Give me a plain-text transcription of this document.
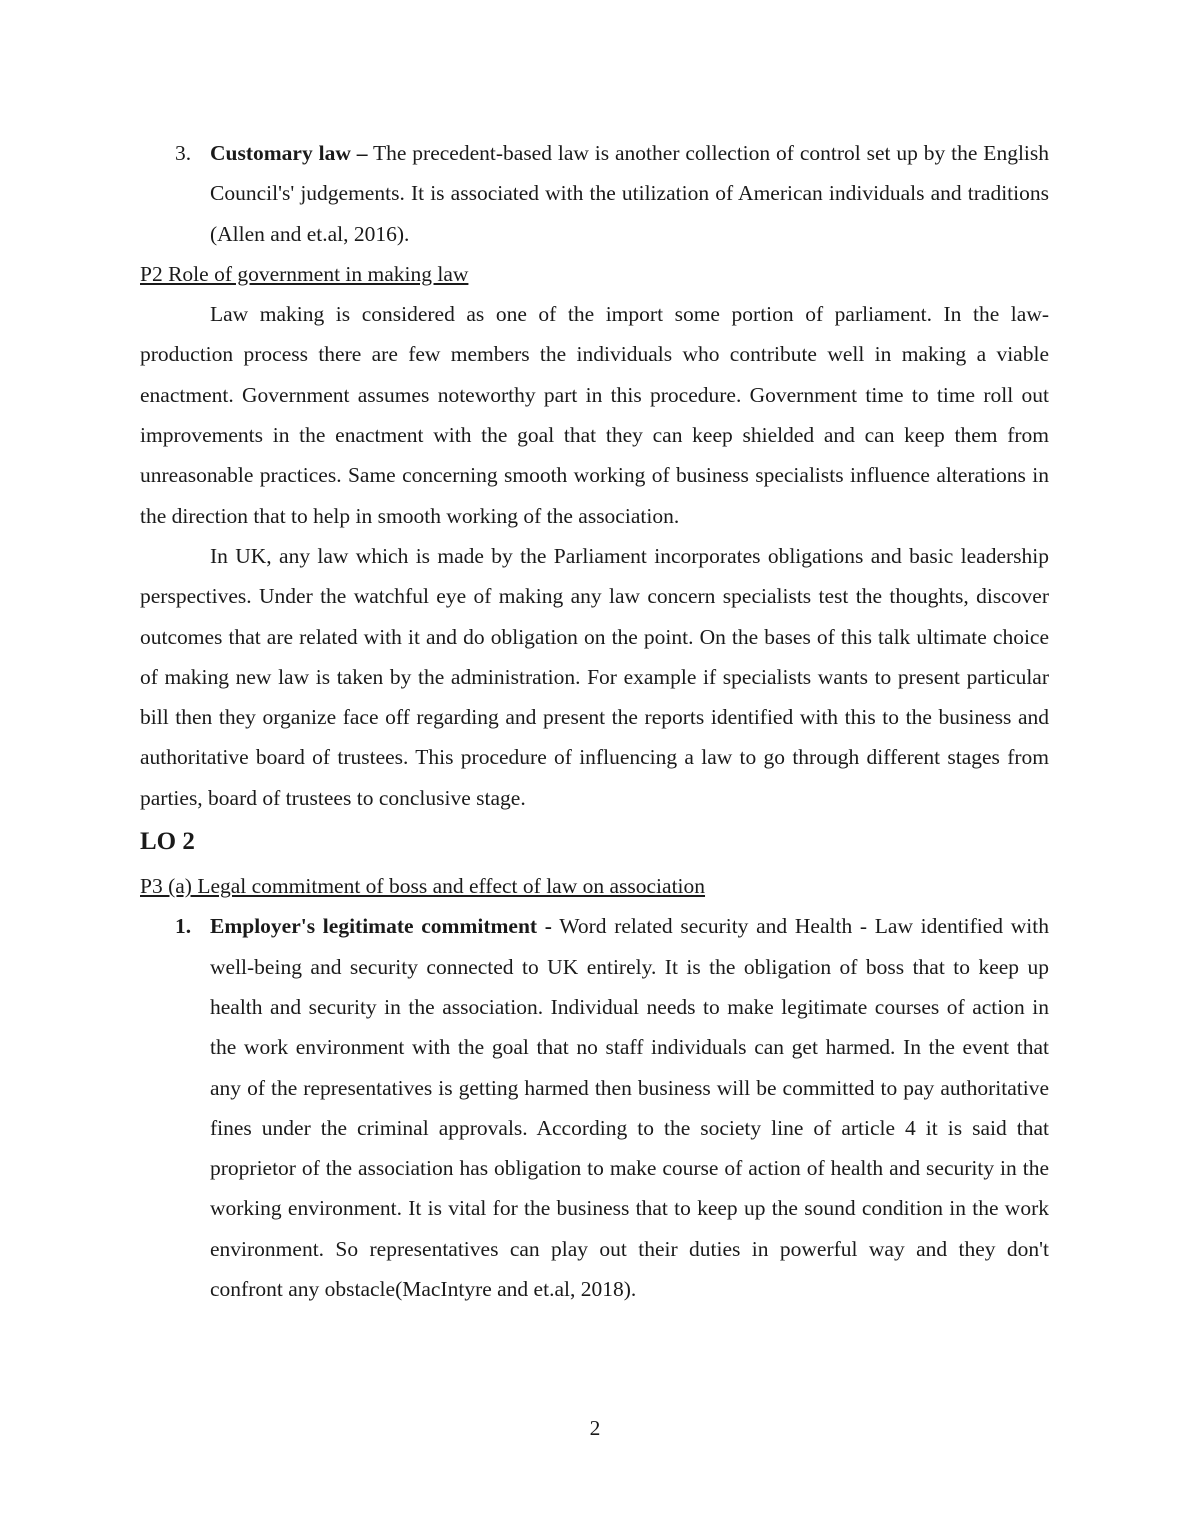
3. Customary law – The precedent-based law is another collection of control set up by the English Council's' judgements. It is associated with the utilization of American individuals and traditions (Allen and et.al, 2016).

P2 Role of government in making law

Law making is considered as one of the import some portion of parliament. In the law-production process there are few members the individuals who contribute well in making a viable enactment. Government assumes noteworthy part in this procedure. Government time to time roll out improvements in the enactment with the goal that they can keep shielded and can keep them from unreasonable practices. Same concerning smooth working of business specialists influence alterations in the direction that to help in smooth working of the association.

In UK, any law which is made by the Parliament incorporates obligations and basic leadership perspectives. Under the watchful eye of making any law concern specialists test the thoughts, discover outcomes that are related with it and do obligation on the point. On the bases of this talk ultimate choice of making new law is taken by the administration. For example if specialists wants to present particular bill then they organize face off regarding and present the reports identified with this to the business and authoritative board of trustees. This procedure of influencing a law to go through different stages from parties, board of trustees to conclusive stage.

LO 2

P3 (a) Legal commitment of boss and effect of law on association

1. Employer's legitimate commitment - Word related security and Health - Law identified with well-being and security connected to UK entirely. It is the obligation of boss that to keep up health and security in the association. Individual needs to make legitimate courses of action in the work environment with the goal that no staff individuals can get harmed. In the event that any of the representatives is getting harmed then business will be committed to pay authoritative fines under the criminal approvals. According to the society line of article 4 it is said that proprietor of the association has obligation to make course of action of health and security in the working environment. It is vital for the business that to keep up the sound condition in the work environment. So representatives can play out their duties in powerful way and they don't confront any obstacle(MacIntyre and et.al, 2018).
2
